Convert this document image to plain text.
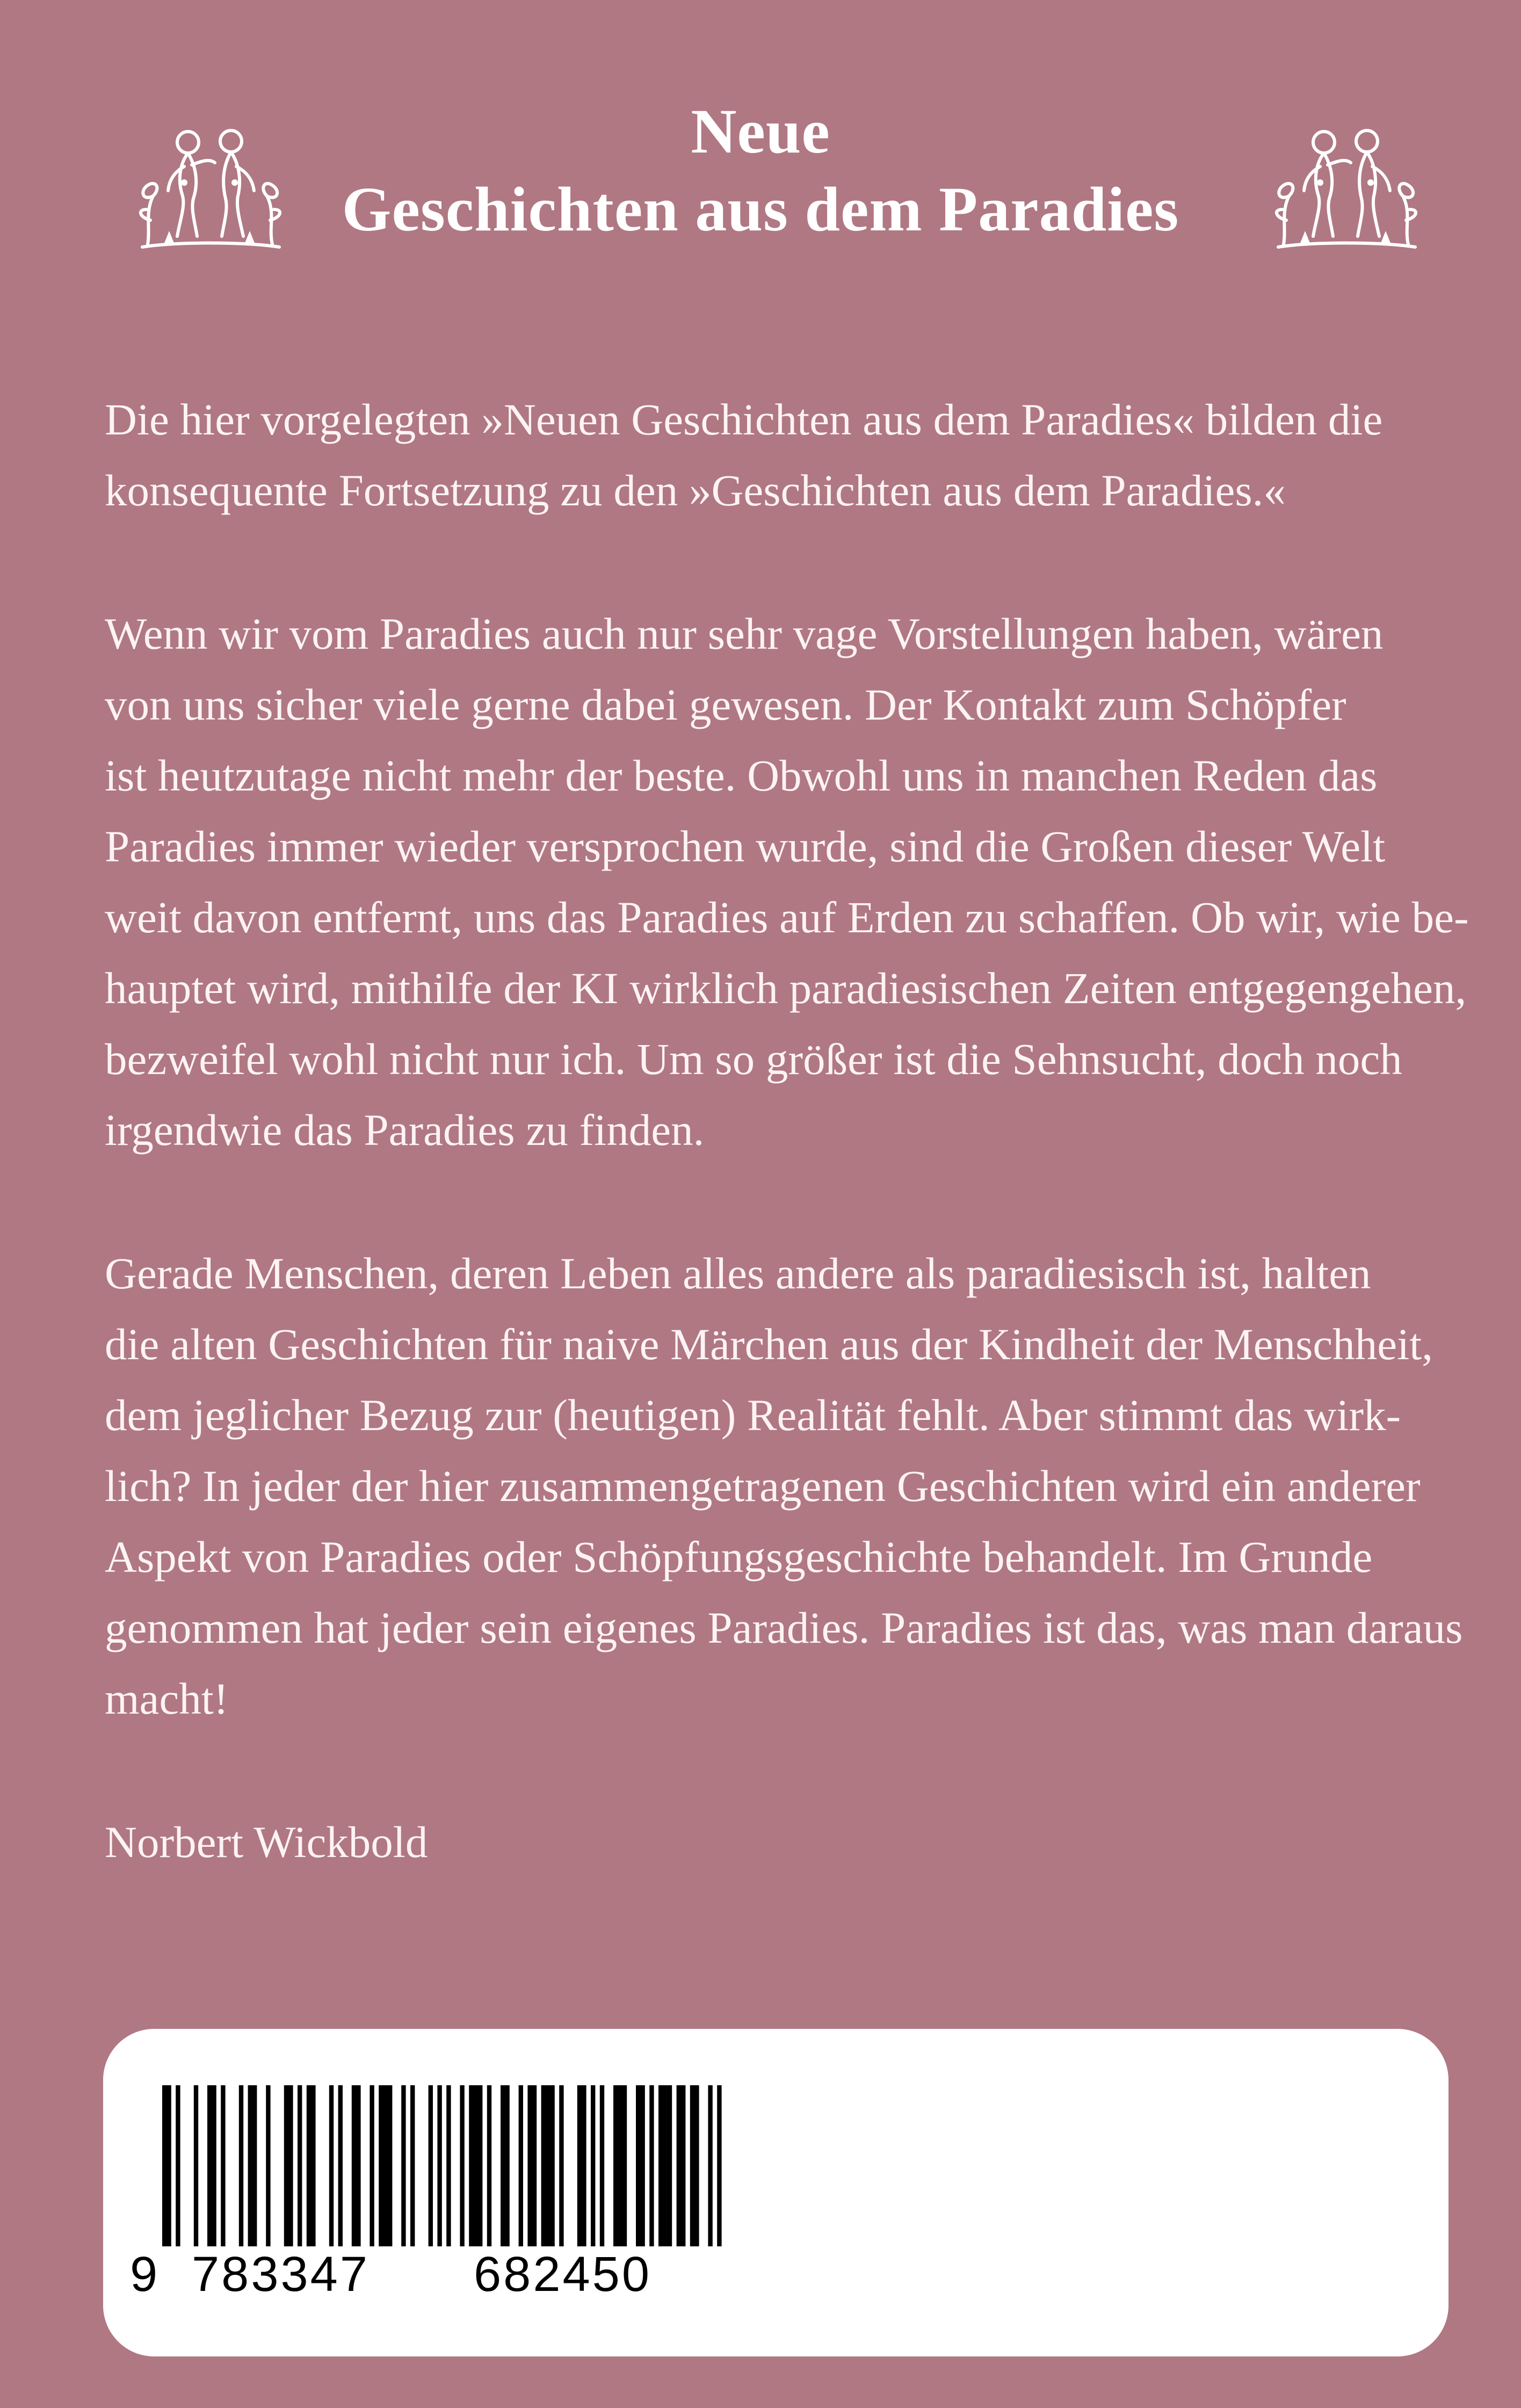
Neue
Geschichten aus dem Paradies
Die hier vorgelegten »Neuen Geschichten aus dem Paradies« bilden die
konsequente Fortsetzung zu den »Geschichten aus dem Paradies.«
Wenn wir vom Paradies auch nur sehr vage Vorstellungen haben, wären
von uns sicher viele gerne dabei gewesen. Der Kontakt zum Schöpfer
ist heutzutage nicht mehr der beste. Obwohl uns in manchen Reden das
Paradies immer wieder versprochen wurde, sind die Großen dieser Welt
weit davon entfernt, uns das Paradies auf Erden zu schaffen. Ob wir, wie be-
hauptet wird, mithilfe der KI wirklich paradiesischen Zeiten entgegengehen,
bezweifel wohl nicht nur ich. Um so größer ist die Sehnsucht, doch noch
irgendwie das Paradies zu finden.
Gerade Menschen, deren Leben alles andere als paradiesisch ist, halten
die alten Geschichten für naive Märchen aus der Kindheit der Menschheit,
dem jeglicher Bezug zur (heutigen) Realität fehlt. Aber stimmt das wirk-
lich? In jeder der hier zusammengetragenen Geschichten wird ein anderer
Aspekt von Paradies oder Schöpfungsgeschichte behandelt. Im Grunde
genommen hat jeder sein eigenes Paradies. Paradies ist das, was man daraus
macht!
Norbert Wickbold
9 783347 682450
